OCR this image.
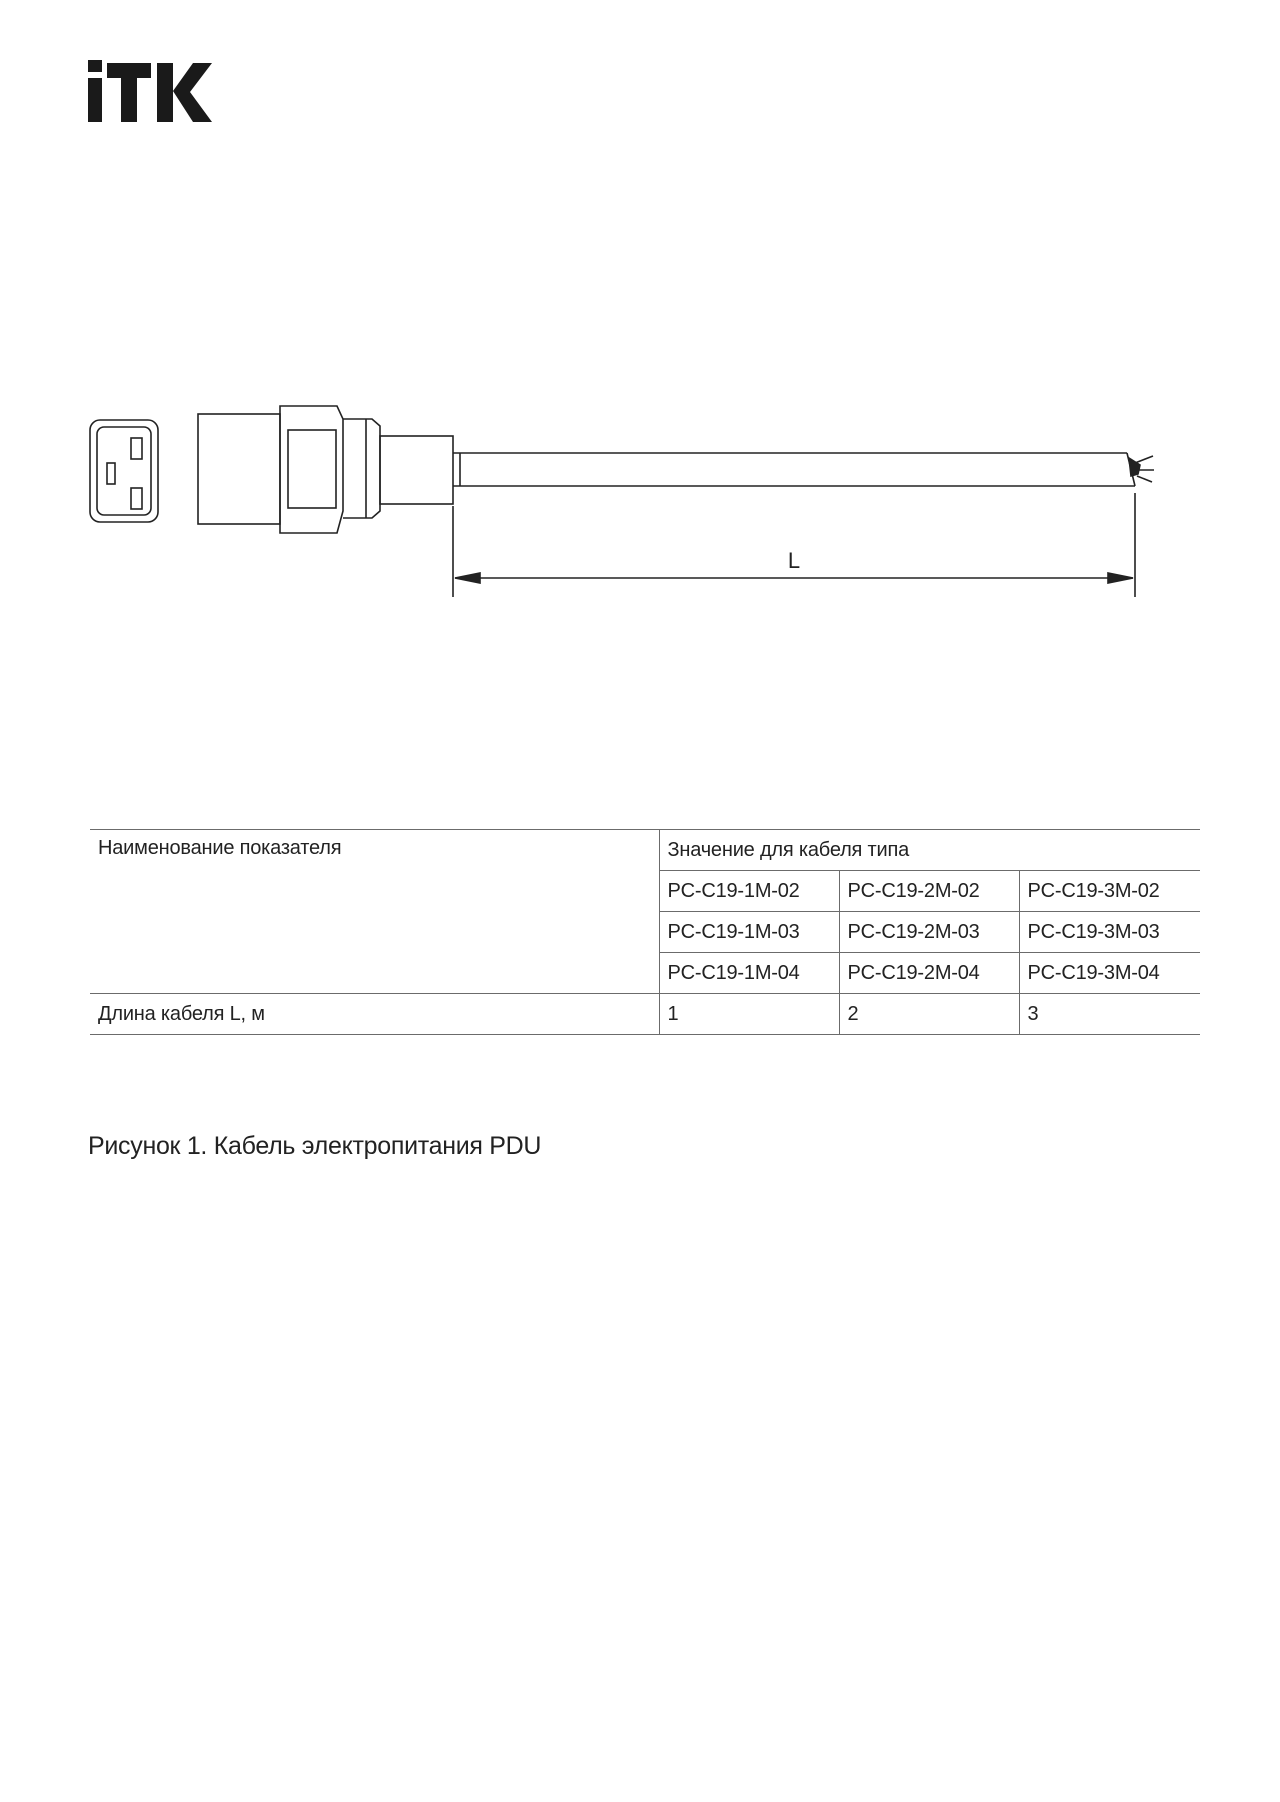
L
Наименование показателя	Значение для кабеля типа		
	PC-C19-1M-02	PC-C19-2M-02	PC-C19-3M-02
	PC-C19-1M-03	PC-C19-2M-03	PC-C19-3M-03
	PC-C19-1M-04	PC-C19-2M-04	PC-C19-3M-04
Длина кабеля L, м	1	2	3
Рисунок 1. Кабель электропитания PDU
